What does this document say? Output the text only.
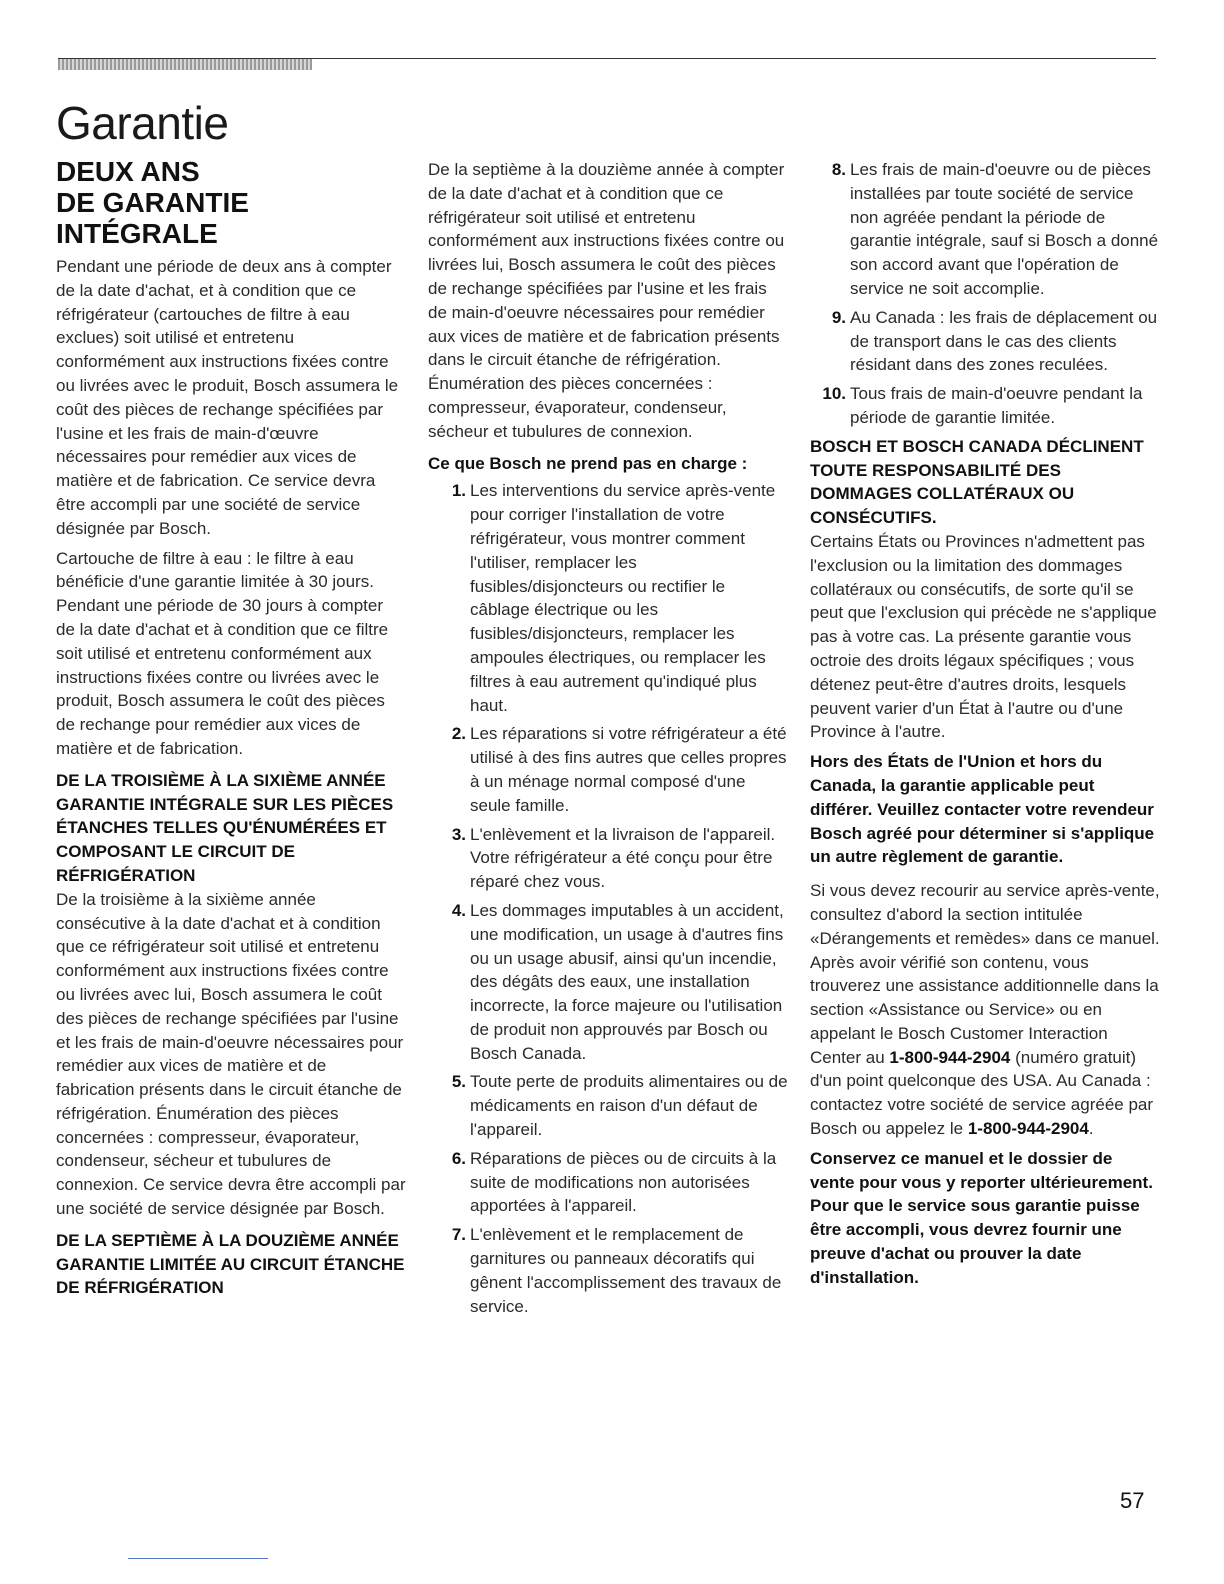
Garantie
DEUX ANS
DE GARANTIE
INTÉGRALE

Pendant une période de deux ans à compter de la date d'achat, et à condition que ce réfrigérateur (cartouches de filtre à eau exclues) soit utilisé et entretenu conformément aux instructions fixées contre ou livrées avec le produit, Bosch assumera le coût des pièces de rechange spécifiées par l'usine et les frais de main-d'œuvre nécessaires pour remédier aux vices de matière et de fabrication. Ce service devra être accompli par une société de service désignée par Bosch.

Cartouche de filtre à eau : le filtre à eau bénéficie d'une garantie limitée à 30 jours. Pendant une période de 30 jours à compter de la date d'achat et à condition que ce filtre soit utilisé et entretenu conformément aux instructions fixées contre ou livrées avec le produit, Bosch assumera le coût des pièces de rechange pour remédier aux vices de matière et de fabrication.

DE LA TROISIÈME À LA SIXIÈME ANNÉE
GARANTIE INTÉGRALE SUR LES PIÈCES ÉTANCHES TELLES QU'ÉNUMÉRÉES ET COMPOSANT LE CIRCUIT DE RÉFRIGÉRATION

De la troisième à la sixième année consécutive à la date d'achat et à condition que ce réfrigérateur soit utilisé et entretenu conformément aux instructions fixées contre ou livrées avec lui, Bosch assumera le coût des pièces de rechange spécifiées par l'usine et les frais de main-d'oeuvre nécessaires pour remédier aux vices de matière et de fabrication présents dans le circuit étanche de réfrigération. Énumération des pièces concernées : compresseur, évaporateur, condenseur, sécheur et tubulures de connexion. Ce service devra être accompli par une société de service désignée par Bosch.

DE LA SEPTIÈME À LA DOUZIÈME ANNÉE
GARANTIE LIMITÉE AU CIRCUIT ÉTANCHE DE RÉFRIGÉRATION

De la septième à la douzième année à compter de la date d'achat et à condition que ce réfrigérateur soit utilisé et entretenu conformément aux instructions fixées contre ou livrées lui, Bosch assumera le coût des pièces de rechange spécifiées par l'usine et les frais de main-d'oeuvre nécessaires pour remédier aux vices de matière et de fabrication présents dans le circuit étanche de réfrigération. Énumération des pièces concernées : compresseur, évaporateur, condenseur, sécheur et tubulures de connexion.

Ce que Bosch ne prend pas en charge :
1. Les interventions du service après-vente pour corriger l'installation de votre réfrigérateur, vous montrer comment l'utiliser, remplacer les fusibles/disjoncteurs ou rectifier le câblage électrique ou les fusibles/disjoncteurs, remplacer les ampoules électriques, ou remplacer les filtres à eau autrement qu'indiqué plus haut.
2. Les réparations si votre réfrigérateur a été utilisé à des fins autres que celles propres à un ménage normal composé d'une seule famille.
3. L'enlèvement et la livraison de l'appareil. Votre réfrigérateur a été conçu pour être réparé chez vous.
4. Les dommages imputables à un accident, une modification, un usage à d'autres fins ou un usage abusif, ainsi qu'un incendie, des dégâts des eaux, une installation incorrecte, la force majeure ou l'utilisation de produit non approuvés par Bosch ou Bosch Canada.
5. Toute perte de produits alimentaires ou de médicaments en raison d'un défaut de l'appareil.
6. Réparations de pièces ou de circuits à la suite de modifications non autorisées apportées à l'appareil.
7. L'enlèvement et le remplacement de garnitures ou panneaux décoratifs qui gênent l'accomplissement des travaux de service.
8. Les frais de main-d'oeuvre ou de pièces installées par toute société de service non agréée pendant la période de garantie intégrale, sauf si Bosch a donné son accord avant que l'opération de service ne soit accomplie.
9. Au Canada : les frais de déplacement ou de transport dans le cas des clients résidant dans des zones reculées.
10. Tous frais de main-d'oeuvre pendant la période de garantie limitée.
BOSCH ET BOSCH CANADA DÉCLINENT TOUTE RESPONSABILITÉ DES DOMMAGES COLLATÉRAUX OU CONSÉCUTIFS.

Certains États ou Provinces n'admettent pas l'exclusion ou la limitation des dommages collatéraux ou consécutifs, de sorte qu'il se peut que l'exclusion qui précède ne s'applique pas à votre cas. La présente garantie vous octroie des droits légaux spécifiques ; vous détenez peut-être d'autres droits, lesquels peuvent varier d'un État à l'autre ou d'une Province à l'autre.

Hors des États de l'Union et hors du Canada, la garantie applicable peut différer. Veuillez contacter votre revendeur Bosch agréé pour déterminer si s'applique un autre règlement de garantie.

Si vous devez recourir au service après-vente, consultez d'abord la section intitulée «Dérangements et remèdes» dans ce manuel. Après avoir vérifié son contenu, vous trouverez une assistance additionnelle dans la section «Assistance ou Service» ou en appelant le Bosch Customer Interaction Center au 1-800-944-2904 (numéro gratuit) d'un point quelconque des USA. Au Canada : contactez votre société de service agréée par Bosch ou appelez le 1-800-944-2904.

Conservez ce manuel et le dossier de vente pour vous y reporter ultérieurement. Pour que le service sous garantie puisse être accompli, vous devrez fournir une preuve d'achat ou prouver la date d'installation.

57
